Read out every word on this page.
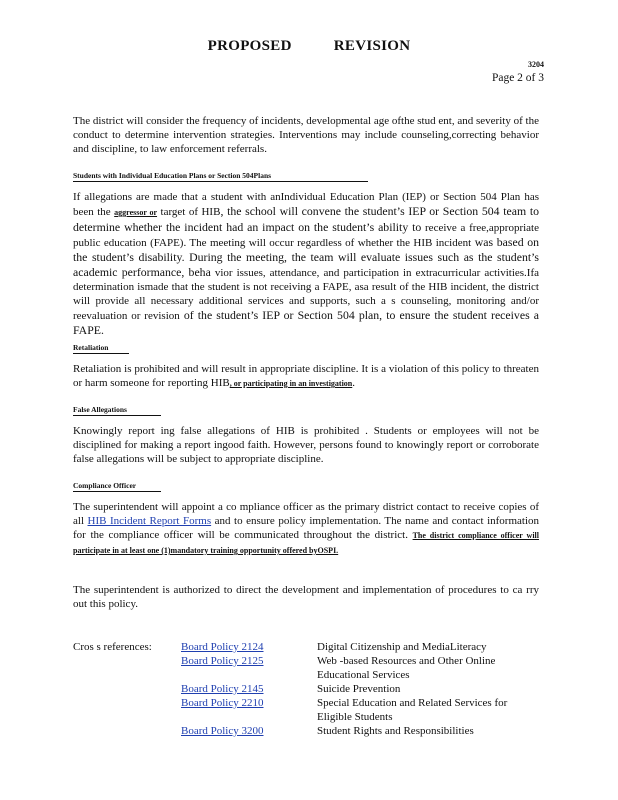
PROPOSED	REVISION
3204
Page 2 of 3
The district will consider the frequency of incidents, developmental age ofthe stud ent, and severity of the conduct to determine intervention strategies. Interventions may include counseling,correcting behavior and discipline, to law enforcement referrals.
Students with Individual Education Plans or Section 504Plans
If allegations are made that a student with anIndividual Education Plan (IEP) or Section 504 Plan has been the aggressor or target of HIB, the school will convene the student’s IEP or Section 504 team to determine whether the incident had an impact on the student’s ability to receive a free,appropriate public education (FAPE). The meeting will occur regardless of whether the HIB incident was based on the student’s disability. During the meeting, the team will evaluate issues such as the student’s academic performance, beha vior issues, attendance, and participation in extracurricular activities.Ifa determination ismade that the student is not receiving a FAPE, asa result of the HIB incident, the district will provide all necessary additional services and supports, such a s counseling, monitoring and/or reevaluation or revision of the student’s IEP or Section 504 plan, to ensure the student receives a FAPE.
Retaliation
Retaliation is prohibited and will result in appropriate discipline. It is a violation of this policy to threaten or harm someone for reporting HIB, or participating in an investigation.
False Allegations
Knowingly report ing false allegations of HIB is prohibited . Students or employees will not be disciplined for making a report ingood faith. However, persons found to knowingly report or corroborate false allegations will be subject to appropriate discipline.
Compliance Officer
The superintendent will appoint a co mpliance officer as the primary district contact to receive copies of all HIB Incident Report Forms and to ensure policy implementation. The name and contact information for the compliance officer will be communicated throughout the district. The district compliance officer will participate in at least one (1)mandatory training opportunity offered byOSPI.
The superintendent is authorized to direct the development and implementation of procedures to ca rry out this policy.
Cros s references:	Board Policy 2124	Digital Citizenship and MediaLiteracy
Board Policy 2125	Web -based Resources and Other Online Educational Services
Board Policy 2145	Suicide Prevention
Board Policy 2210	Special Education and Related Services for Eligible Students
Board Policy 3200	Student Rights and Responsibilities
